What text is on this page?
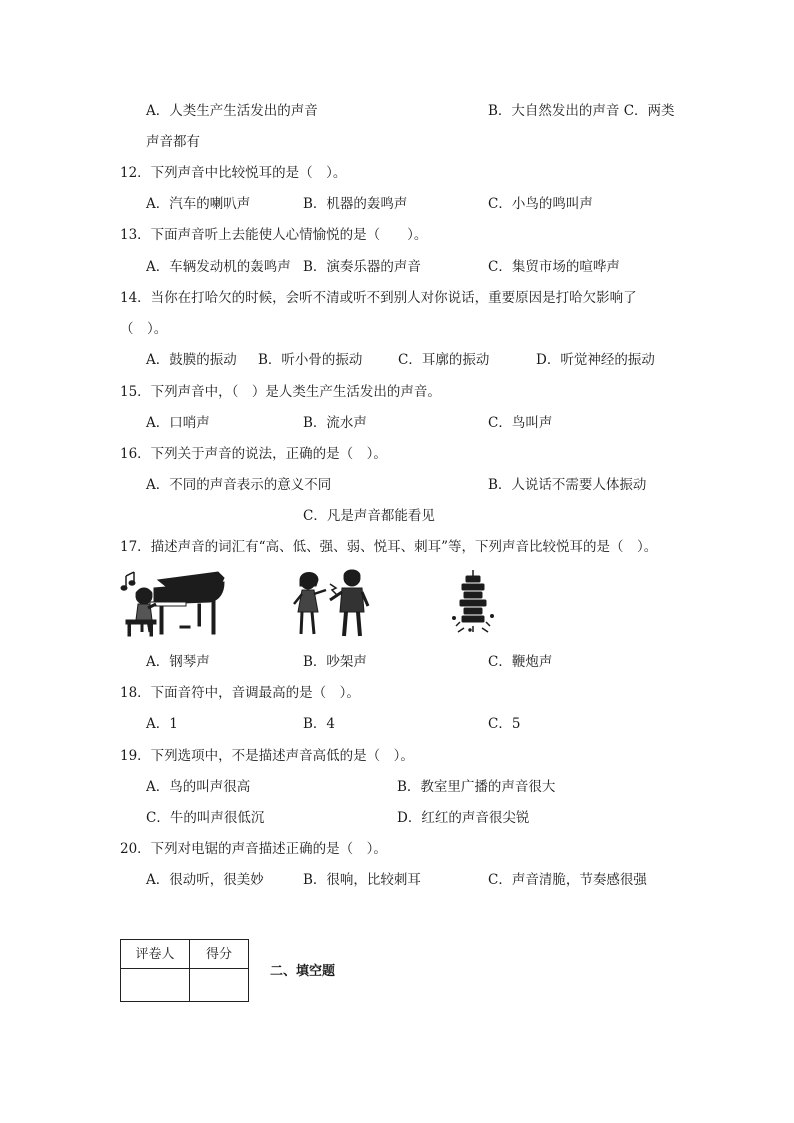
A．人类生产生活发出的声音	B．大自然发出的声音 C．两类
声音都有
12．下列声音中比较悦耳的是（　）。
A．汽车的喇叭声	B．机器的轰鸣声	C．小鸟的鸣叫声
13．下面声音听上去能使人心情愉悦的是（　　）。
A．车辆发动机的轰鸣声 B．演奏乐器的声音	C．集贸市场的喧哗声
14．当你在打哈欠的时候，会听不清或听不到别人对你说话，重要原因是打哈欠影响了
（　）。
A．鼓膜的振动 B．听小骨的振动	C．耳廓的振动	D．听觉神经的振动
15．下列声音中，（　）是人类生产生活发出的声音。
A．口哨声	B．流水声	C．鸟叫声
16．下列关于声音的说法，正确的是（　）。
A．不同的声音表示的意义不同	B．人说话不需要人体振动
C．凡是声音都能看见
17．描述声音的词汇有“高、低、强、弱、悦耳、刺耳”等，下列声音比较悦耳的是（　）。
A．钢琴声	B．吵架声	C．鞭炮声
18．下面音符中，音调最高的是（　）。
A．1	B．4	C．5
19．下列选项中，不是描述声音高低的是（　）。
A．鸟的叫声很高	B．教室里广播的声音很大
C．牛的叫声很低沉	D．红红的声音很尖锐
20．下列对电锯的声音描述正确的是（　）。
A．很动听，很美妙	B．很响，比较刺耳	C．声音清脆，节奏感很强
评卷人	得分

二、填空题
